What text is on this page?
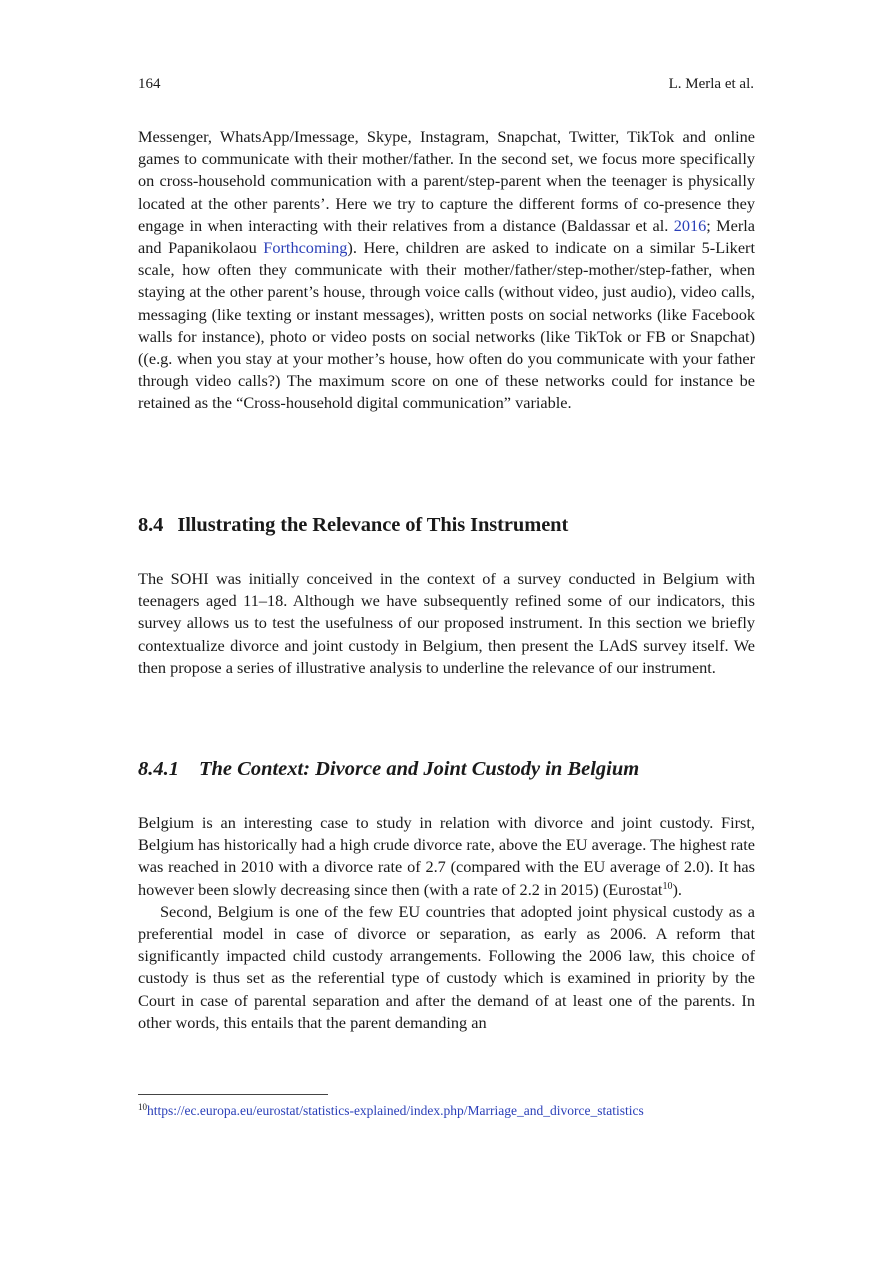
164	L. Merla et al.

Messenger, WhatsApp/Imessage, Skype, Instagram, Snapchat, Twitter, TikTok and online games to communicate with their mother/father. In the second set, we focus more specifically on cross-household communication with a parent/step-parent when the teenager is physically located at the other parents’. Here we try to capture the different forms of co-presence they engage in when interacting with their relatives from a distance (Baldassar et al. 2016; Merla and Papanikolaou Forthcoming). Here, children are asked to indicate on a similar 5-Likert scale, how often they communicate with their mother/father/step-mother/step-father, when staying at the other parent’s house, through voice calls (without video, just audio), video calls, messaging (like texting or instant messages), written posts on social networks (like Facebook walls for instance), photo or video posts on social networks (like TikTok or FB or Snapchat) ((e.g. when you stay at your mother’s house, how often do you communicate with your father through video calls?) The maximum score on one of these networks could for instance be retained as the “Cross-household digital communication” variable.

8.4 Illustrating the Relevance of This Instrument

The SOHI was initially conceived in the context of a survey conducted in Belgium with teenagers aged 11–18. Although we have subsequently refined some of our indicators, this survey allows us to test the usefulness of our proposed instrument. In this section we briefly contextualize divorce and joint custody in Belgium, then present the LAdS survey itself. We then propose a series of illustrative analysis to underline the relevance of our instrument.

8.4.1 The Context: Divorce and Joint Custody in Belgium

Belgium is an interesting case to study in relation with divorce and joint custody. First, Belgium has historically had a high crude divorce rate, above the EU average. The highest rate was reached in 2010 with a divorce rate of 2.7 (compared with the EU average of 2.0). It has however been slowly decreasing since then (with a rate of 2.2 in 2015) (Eurostat$^{10}$).

Second, Belgium is one of the few EU countries that adopted joint physical custody as a preferential model in case of divorce or separation, as early as 2006. A reform that significantly impacted child custody arrangements. Following the 2006 law, this choice of custody is thus set as the referential type of custody which is examined in priority by the Court in case of parental separation and after the demand of at least one of the parents. In other words, this entails that the parent demanding an

$^{10}$https://ec.europa.eu/eurostat/statistics-explained/index.php/Marriage_and_divorce_statistics
